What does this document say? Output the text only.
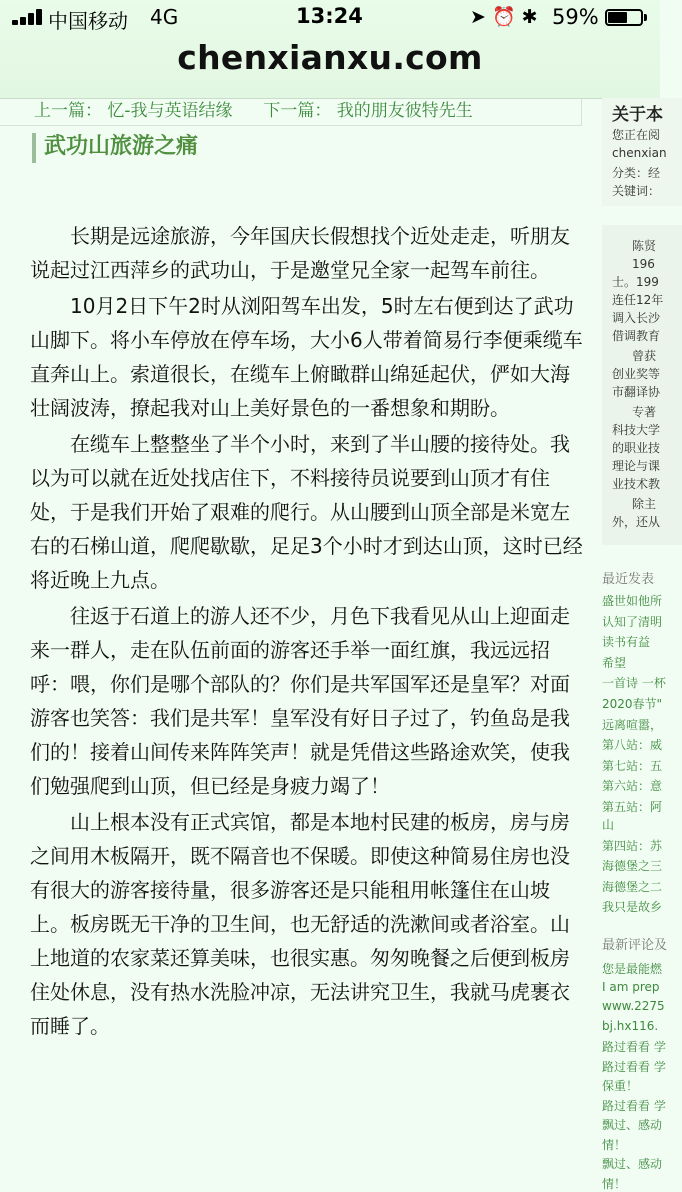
中国移动 4G	13:24	➤ ⏰ ✱ 59%
chenxianxu.com
上一篇： 忆-我与英语结缘 下一篇： 我的朋友彼特先生
武功山旅游之痛

长期是远途旅游，今年国庆长假想找个近处走走，听朋友说起过江西萍乡的武功山，于是邀堂兄全家一起驾车前往。

10月2日下午2时从浏阳驾车出发，5时左右便到达了武功山脚下。将小车停放在停车场，大小6人带着简易行李便乘缆车直奔山上。索道很长，在缆车上俯瞰群山绵延起伏，俨如大海壮阔波涛，撩起我对山上美好景色的一番想象和期盼。

在缆车上整整坐了半个小时，来到了半山腰的接待处。我以为可以就在近处找店住下，不料接待员说要到山顶才有住处，于是我们开始了艰难的爬行。从山腰到山顶全部是米宽左右的石梯山道，爬爬歇歇，足足3个小时才到达山顶，这时已经将近晚上九点。

往返于石道上的游人还不少，月色下我看见从山上迎面走来一群人，走在队伍前面的游客还手举一面红旗，我远远招呼：喂，你们是哪个部队的？你们是共军国军还是皇军？对面游客也笑答：我们是共军！皇军没有好日子过了，钓鱼岛是我们的！接着山间传来阵阵笑声！就是凭借这些路途欢笑，使我们勉强爬到山顶，但已经是身疲力竭了！

山上根本没有正式宾馆，都是本地村民建的板房，房与房之间用木板隔开，既不隔音也不保暖。即使这种简易住房也没有很大的游客接待量，很多游客还是只能租用帐篷住在山坡上。板房既无干净的卫生间，也无舒适的洗漱间或者浴室。山上地道的农家菜还算美味，也很实惠。匆匆晚餐之后便到板房住处休息，没有热水洗脸冲凉，无法讲究卫生，我就马虎裹衣而睡了。

关于本
您正在阅
chenxian
分类：经
关键词：
陈贤
196
士。199
连任12年
调入长沙
借调教育
曾获
创业奖等
市翻译协
专著
科技大学
的职业技
理论与课
业技术教
除主
外，还从
最近发表
最新评论及
盛世如他所
认知了清明
读书有益
希望
一首诗 一杯
2020春节"
远离喧嚣，
第八站：威
第七站：五
第六站：意
第五站：阿
山
第四站：苏
海德堡之三
海德堡之二
我只是故乡
您是最能燃
I am prep
www.2275
bj.hx116.
路过看看 学
路过看看 学
保重！
路过看看 学
飘过、感动
情！
飘过、感动
情！
